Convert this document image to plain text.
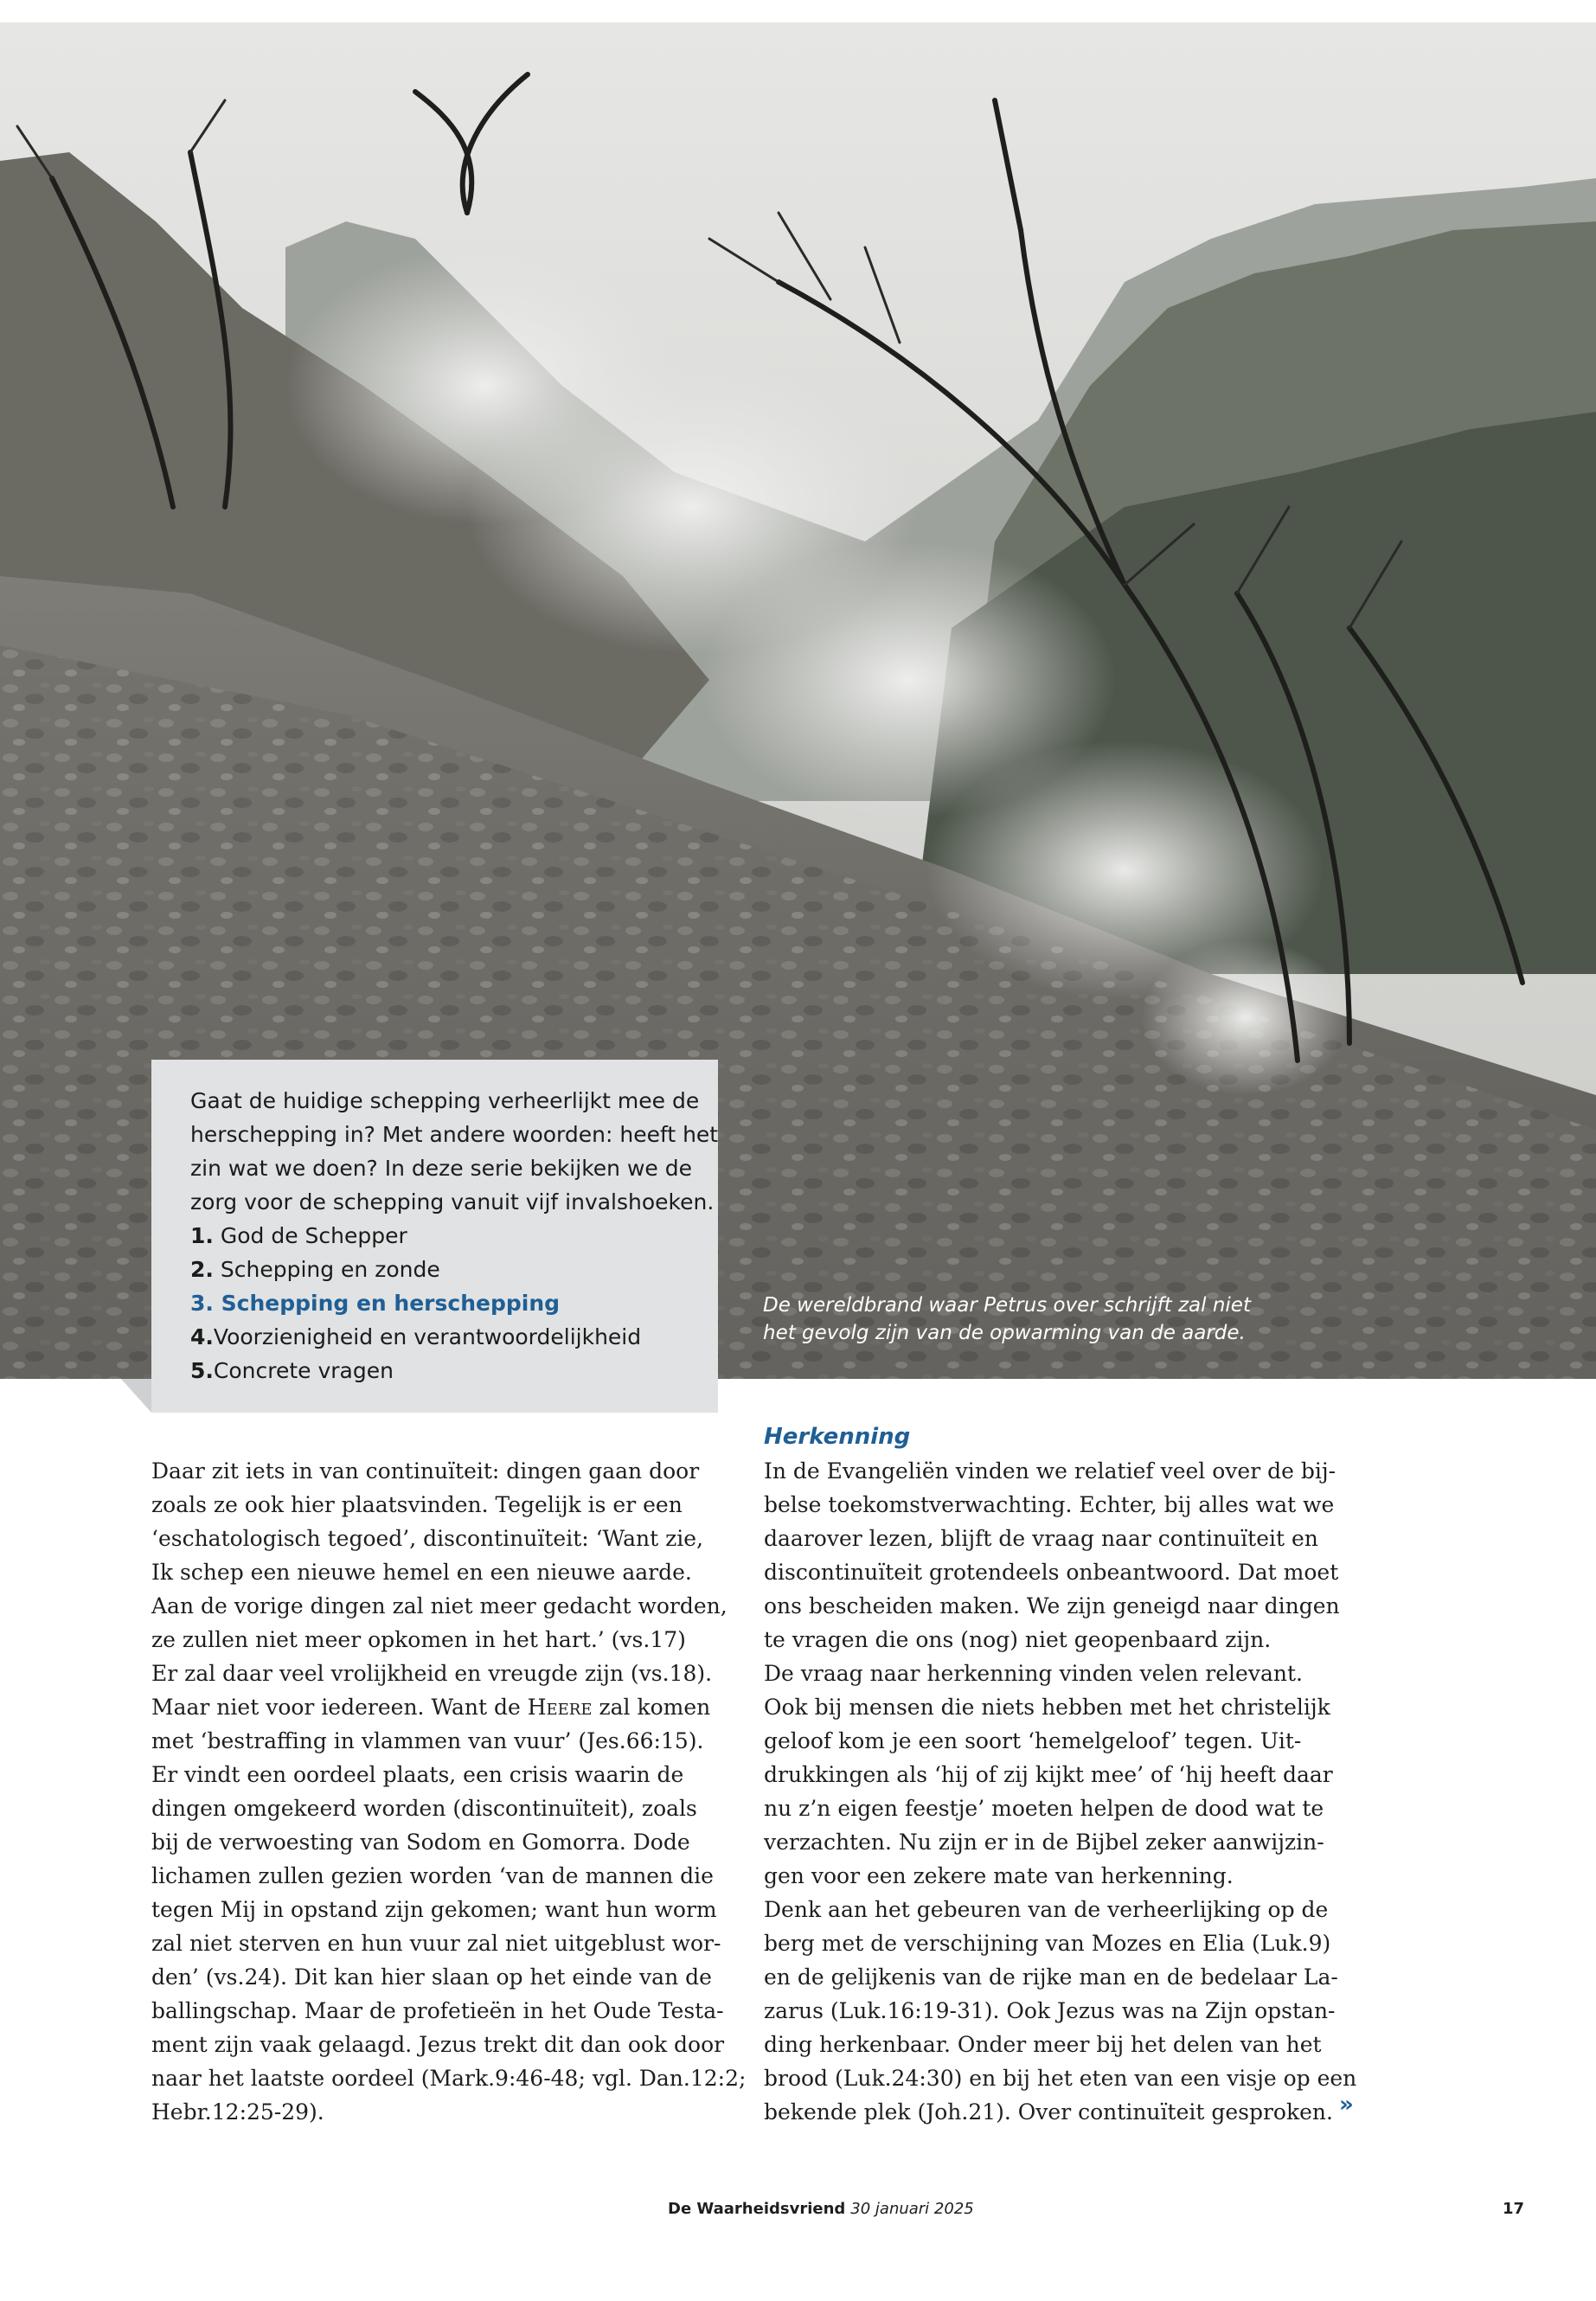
De wereldbrand waar Petrus over schrijft zal niet
het gevolg zijn van de opwarming van de aarde.

Gaat de huidige schepping verheerlijkt mee de
herschepping in? Met andere woorden: heeft het
zin wat we doen? In deze serie bekijken we de
zorg voor de schepping vanuit vijf invalshoeken.
1. God de Schepper
2. Schepping en zonde
3. Schepping en herschepping
4.Voorzienigheid en verantwoordelijkheid
5.Concrete vragen
Daar zit iets in van continuïteit: dingen gaan door
zoals ze ook hier plaatsvinden. Tegelijk is er een
‘eschatologisch tegoed’, discontinuïteit: ‘Want zie,
Ik schep een nieuwe hemel en een nieuwe aarde.
Aan de vorige dingen zal niet meer gedacht worden,
ze zullen niet meer opkomen in het hart.’ (vs.17)
Er zal daar veel vrolijkheid en vreugde zijn (vs.18).
Maar niet voor iedereen. Want de Heere zal komen
met ‘bestraffing in vlammen van vuur’ (Jes.66:15).
Er vindt een oordeel plaats, een crisis waarin de
dingen omgekeerd worden (discontinuïteit), zoals
bij de verwoesting van Sodom en Gomorra. Dode
lichamen zullen gezien worden ‘van de mannen die
tegen Mij in opstand zijn gekomen; want hun worm
zal niet sterven en hun vuur zal niet uitgeblust wor-
den’ (vs.24). Dit kan hier slaan op het einde van de
ballingschap. Maar de profetieën in het Oude Testa-
ment zijn vaak gelaagd. Jezus trekt dit dan ook door
naar het laatste oordeel (Mark.9:46-48; vgl. Dan.12:2;
Hebr.12:25-29).
Herkenning
In de Evangeliën vinden we relatief veel over de bij-
belse toekomstverwachting. Echter, bij alles wat we
daarover lezen, blijft de vraag naar continuïteit en
discontinuïteit grotendeels onbeantwoord. Dat moet
ons bescheiden maken. We zijn geneigd naar dingen
te vragen die ons (nog) niet geopenbaard zijn.
De vraag naar herkenning vinden velen relevant.
Ook bij mensen die niets hebben met het christelijk
geloof kom je een soort ‘hemelgeloof’ tegen. Uit-
drukkingen als ‘hij of zij kijkt mee’ of ‘hij heeft daar
nu z’n eigen feestje’ moeten helpen de dood wat te
verzachten. Nu zijn er in de Bijbel zeker aanwijzin-
gen voor een zekere mate van herkenning.
Denk aan het gebeuren van de verheerlijking op de
berg met de verschijning van Mozes en Elia (Luk.9)
en de gelijkenis van de rijke man en de bedelaar La-
zarus (Luk.16:19-31). Ook Jezus was na Zijn opstan-
ding herkenbaar. Onder meer bij het delen van het
brood (Luk.24:30) en bij het eten van een visje op een
bekende plek (Joh.21). Over continuïteit gesproken. »
De Waarheidsvriend 30 januari 2025	17
